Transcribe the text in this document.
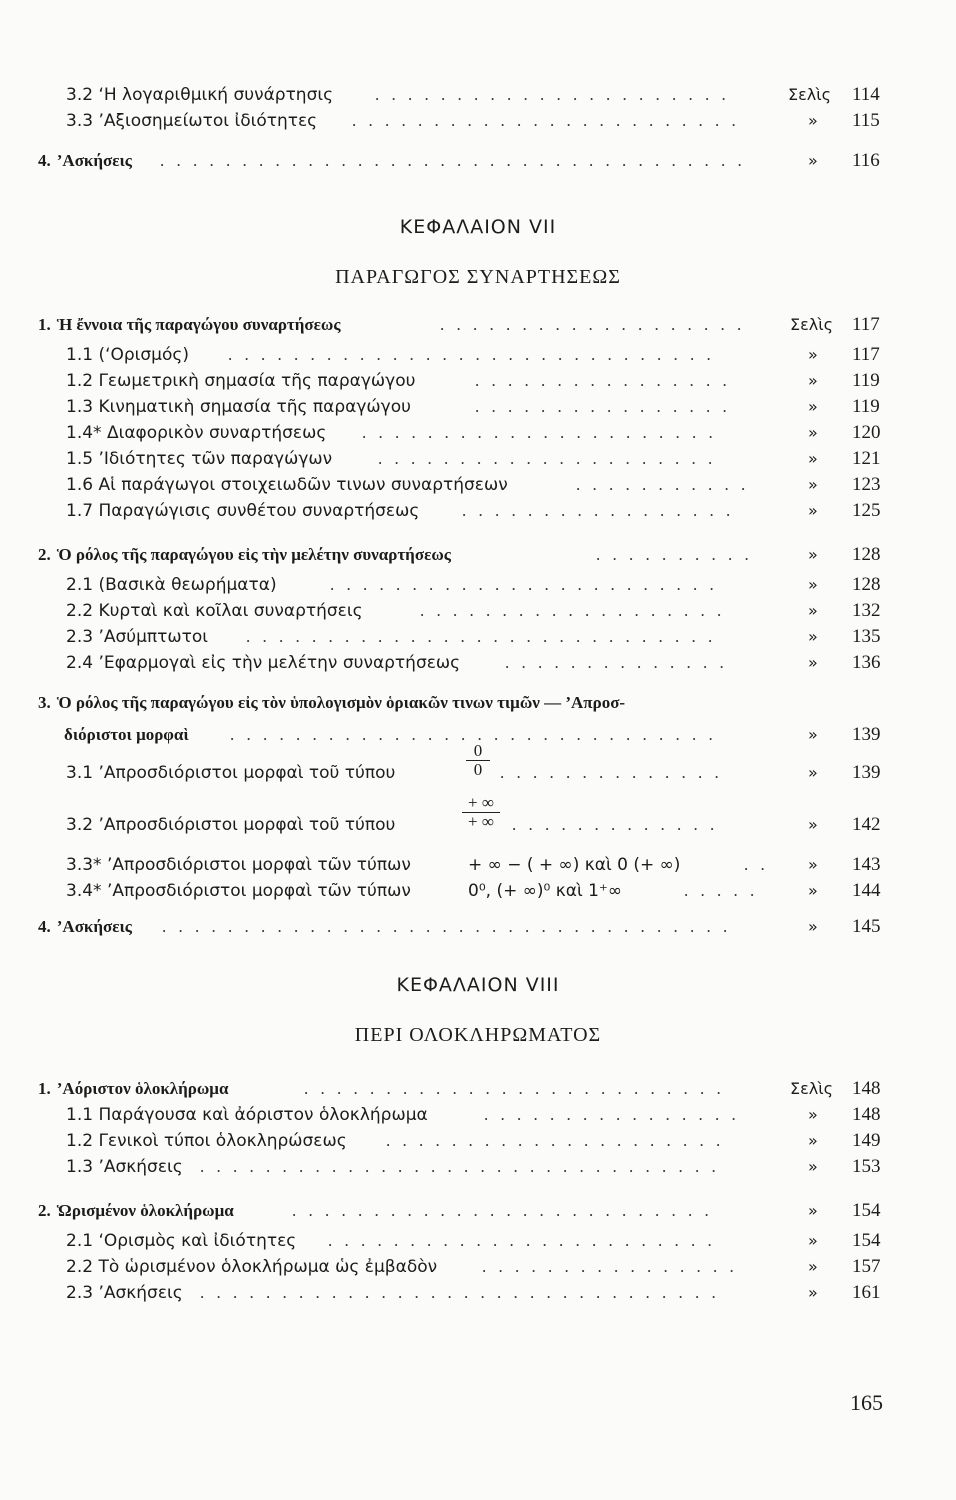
3.2 ‘Η λογαριθμική συνάρτησις . . . . . . . . . . . . . . . . . . . . . .	Σελὶς 114
3.3 ’Αξιοσημείωτοι ἰδιότητες . . . . . . . . . . . . . . . . . . . . . . . .	»	115
4. ’Ασκήσεις . . . . . . . . . . . . . . . . . . . . . . . . . . . . . . . . . . . .	»	116
ΚΕΦΑΛΑΙΟΝ VII
ΠΑΡΑΓΩΓΟΣ ΣΥΝΑΡΤΗΣΕΩΣ
1. Ἡ ἔννοια τῆς παραγώγου συναρτήσεως	. . . . . . . . . . . . . . . . . . .	Σελὶς 117
1.1 (‘Ορισμός) . . . . . . . . . . . . . . . . . . . . . . . . . . . . . .	»	117
1.2 Γεωμετρικὴ σημασία τῆς παραγώγου	. . . . . . . . . . . . . . . .	»	119
1.3 Κινηματικὴ σημασία τῆς παραγώγου	. . . . . . . . . . . . . . . .	»	119
1.4* Διαφορικὸν συναρτήσεως . . . . . . . . . . . . . . . . . . . . . .	»	120
1.5 ’Ιδιότητες τῶν παραγώγων	. . . . . . . . . . . . . . . . . . . . .	»	121
1.6 Αἱ παράγωγοι στοιχειωδῶν τινων συναρτήσεων	. . . . . . . . . . .	»	123
1.7 Παραγώγισις συνθέτου συναρτήσεως	. . . . . . . . . . . . . . . . .	»	125
2. Ὁ ρόλος τῆς παραγώγου εἰς τὴν μελέτην συναρτήσεως	. . . . . . . . . .	»	128
2.1 (Βασικὰ θεωρήματα)	. . . . . . . . . . . . . . . . . . . . . . . .	»	128
2.2 Κυρταὶ καὶ κοῖλαι συναρτήσεις	. . . . . . . . . . . . . . . . . . .	»	132
2.3 ’Ασύμπτωτοι . . . . . . . . . . . . . . . . . . . . . . . . . . . . .	»	135
2.4 ’Εφαρμογαὶ εἰς τὴν μελέτην συναρτήσεως	. . . . . . . . . . . . . .	»	136
3. Ὁ ρόλος τῆς παραγώγου εἰς τὸν ὑπολογισμὸν ὁριακῶν τινων τιμῶν — ’Απροσ-
διόριστοι μορφαὶ . . . . . . . . . . . . . . . . . . . . . . . . . . . . . .	»	139
3.1 ’Απροσδιόριστοι μορφαὶ τοῦ τύπου
0
0	. . . . . . . . . . . . . .	»	139
3.2 ’Απροσδιόριστοι μορφαὶ τοῦ τύπου
+ ∞
+ ∞	. . . . . . . . . . . . .	»	142
3.3* ’Απροσδιόριστοι μορφαὶ τῶν τύπων	+ ∞ − ( + ∞) καὶ 0 (+ ∞)	. . »	143
3.4* ’Απροσδιόριστοι μορφαὶ τῶν τύπων	0⁰, (+ ∞)⁰ καὶ 1⁺∞	. . . . .	»	144
4. ’Ασκήσεις . . . . . . . . . . . . . . . . . . . . . . . . . . . . . . . . . . .	»	145
ΚΕΦΑΛΑΙΟΝ VIII
ΠΕΡΙ ΟΛΟΚΛΗΡΩΜΑΤΟΣ
1. ’Αόριστον ὁλοκλήρωμα	. . . . . . . . . . . . . . . . . . . . . . . . . .	Σελὶς 148
1.1 Παράγουσα καὶ ἀόριστον ὁλοκλήρωμα	. . . . . . . . . . . . . . . .	»	148
1.2 Γενικοὶ τύποι ὁλοκληρώσεως . . . . . . . . . . . . . . . . . . . . .	»	149
1.3 ’Ασκήσεις . . . . . . . . . . . . . . . . . . . . . . . . . . . . . . . .	»	153
2. Ὡρισμένον ὁλοκλήρωμα	. . . . . . . . . . . . . . . . . . . . . . . . . .	»	154
2.1 ‘Ορισμὸς καὶ ἰδιότητες . . . . . . . . . . . . . . . . . . . . . . . .	»	154
2.2 Τὸ ὡρισμένον ὁλοκλήρωμα ὡς ἐμβαδὸν	. . . . . . . . . . . . . . . .	»	157
2.3 ’Ασκήσεις . . . . . . . . . . . . . . . . . . . . . . . . . . . . . . . .	»	161
165
